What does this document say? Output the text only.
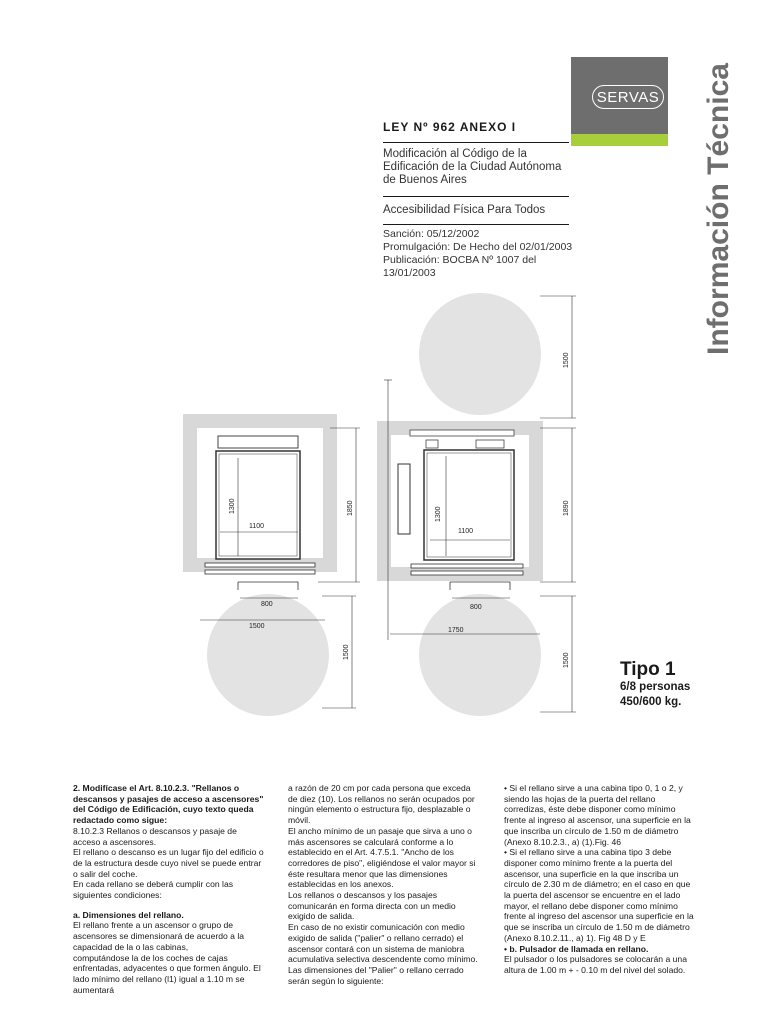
SERVAS Información Técnica
LEY Nº 962 ANEXO I
Modificación al Código de la Edificación de la Ciudad Autónoma de Buenos Aires
Accesibilidad Física Para Todos
Sanción: 05/12/2002
Promulgación: De Hecho del 02/01/2003
Publicación: BOCBA Nº 1007 del 13/01/2003
800
1500
1100
1300	1850
1500
800
1750
1100
1300
1500
1890
1500	Tipo 1
6/8 personas
450/600 kg.

2. Modifícase el Art. 8.10.2.3. "Rellanos o descansos y pasajes de acceso a ascensores" del Código de Edificación, cuyo texto queda redactado como sigue:

8.10.2.3 Rellanos o descansos y pasaje de acceso a ascensores.

El rellano o descanso es un lugar fijo del edificio o de la estructura desde cuyo nivel se puede entrar o salir del coche.

En cada rellano se deberá cumplir con las siguientes condiciones:

a. Dimensiones del rellano.

El rellano frente a un ascensor o grupo de ascensores se dimensionará de acuerdo a la capacidad de la o las cabinas,

computándose la de los coches de cajas enfrentadas, adyacentes o que formen ángulo. El lado mínimo del rellano (l1) igual a 1.10 m se aumentará

a razón de 20 cm por cada persona que exceda de diez (10). Los rellanos no serán ocupados por ningún elemento o estructura fijo, desplazable o móvil.

El ancho mínimo de un pasaje que sirva a uno o más ascensores se calculará conforme a lo establecido en el Art. 4.7.5.1. "Ancho de los corredores de piso", eligiéndose el valor mayor si éste resultara menor que las dimensiones establecidas en los anexos.

Los rellanos o descansos y los pasajes comunicarán en forma directa con un medio exigido de salida.

En caso de no existir comunicación con medio exigido de salida ("palier" o rellano cerrado) el ascensor contará con un sistema de maniobra acumulativa selectiva descendente como mínimo.

Las dimensiones del "Palier" o rellano cerrado serán según lo siguiente:

• Si el rellano sirve a una cabina tipo 0, 1 o 2, y siendo las hojas de la puerta del rellano corredizas, éste debe disponer como mínimo frente al ingreso al ascensor, una superficie en la que inscriba un círculo de 1.50 m de diámetro (Anexo 8.10.2.3., a) (1).Fig. 46

• Si el rellano sirve a una cabina tipo 3 debe disponer como mínimo frente a la puerta del ascensor, una superficie en la que inscriba un círculo de 2.30 m de diámetro; en el caso en que la puerta del ascensor se encuentre en el lado mayor, el rellano debe disponer como mínimo frente al ingreso del ascensor una superficie en la que se inscriba un círculo de 1.50 m de diámetro (Anexo 8.10.2.11., a) 1). Fig 48 D y E

• b. Pulsador de llamada en rellano.

El pulsador o los pulsadores se colocarán a una altura de 1.00 m + - 0.10 m del nivel del solado.
